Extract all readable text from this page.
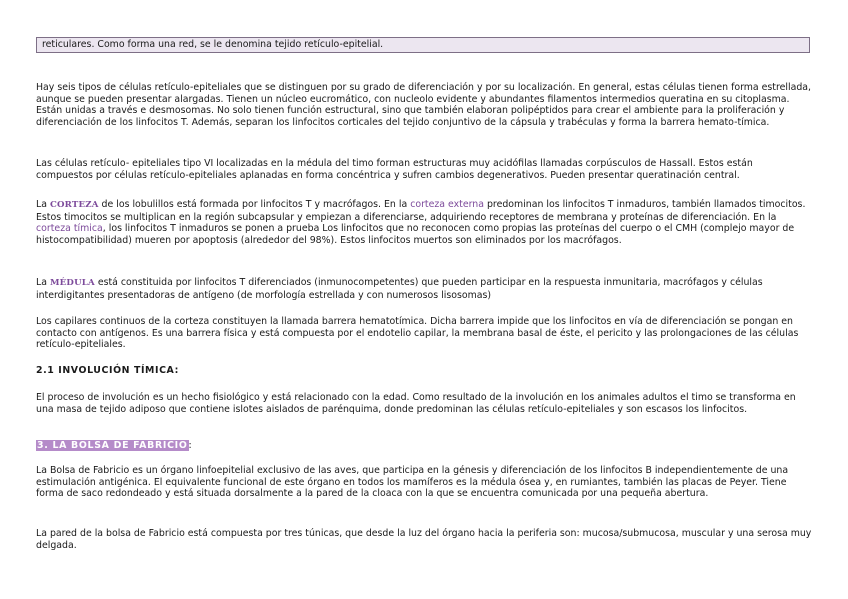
reticulares. Como forma una red, se le denomina tejido retículo-epitelial.

Hay seis tipos de células retículo-epiteliales que se distinguen por su grado de diferenciación y por su localización. En general, estas células tienen forma estrellada, aunque se pueden presentar alargadas. Tienen un núcleo eucromático, con nucleolo evidente y abundantes filamentos intermedios queratina en su citoplasma. Están unidas a través e desmosomas. No solo tienen función estructural, sino que también elaboran polipéptidos para crear el ambiente para la proliferación y diferenciación de los linfocitos T. Además, separan los linfocitos corticales del tejido conjuntivo de la cápsula y trabéculas y forma la barrera hemato-tímica.

Las células retículo- epiteliales tipo VI localizadas en la médula del timo forman estructuras muy acidófilas llamadas corpúsculos de Hassall. Estos están compuestos por células retículo-epiteliales aplanadas en forma concéntrica y sufren cambios degenerativos. Pueden presentar queratinación central.

La CORTEZA de los lobulillos está formada por linfocitos T y macrófagos. En la corteza externa predominan los linfocitos T inmaduros, también llamados timocitos. Estos timocitos se multiplican en la región subcapsular y empiezan a diferenciarse, adquiriendo receptores de membrana y proteínas de diferenciación. En la corteza tímica, los linfocitos T inmaduros se ponen a prueba Los linfocitos que no reconocen como propias las proteínas del cuerpo o el CMH (complejo mayor de histocompatibilidad) mueren por apoptosis (alrededor del 98%). Estos linfocitos muertos son eliminados por los macrófagos.

La MÉDULA está constituida por linfocitos T diferenciados (inmunocompetentes) que pueden participar en la respuesta inmunitaria, macrófagos y células interdigitantes presentadoras de antígeno (de morfología estrellada y con numerosos lisosomas)

Los capilares continuos de la corteza constituyen la llamada barrera hematotímica. Dicha barrera impide que los linfocitos en vía de diferenciación se pongan en contacto con antígenos. Es una barrera física y está compuesta por el endotelio capilar, la membrana basal de éste, el pericito y las prolongaciones de las células retículo-epiteliales.

2.1 INVOLUCIÓN TÍMICA:

El proceso de involución es un hecho fisiológico y está relacionado con la edad. Como resultado de la involución en los animales adultos el timo se transforma en una masa de tejido adiposo que contiene islotes aislados de parénquima, donde predominan las células retículo-epiteliales y son escasos los linfocitos.

3. LA BOLSA DE FABRICIO:

La Bolsa de Fabricio es un órgano linfoepitelial exclusivo de las aves, que participa en la génesis y diferenciación de los linfocitos B independientemente de una estimulación antigénica. El equivalente funcional de este órgano en todos los mamíferos es la médula ósea y, en rumiantes, también las placas de Peyer. Tiene forma de saco redondeado y está situada dorsalmente a la pared de la cloaca con la que se encuentra comunicada por una pequeña abertura.

La pared de la bolsa de Fabricio está compuesta por tres túnicas, que desde la luz del órgano hacia la periferia son: mucosa/submucosa, muscular y una serosa muy delgada.
